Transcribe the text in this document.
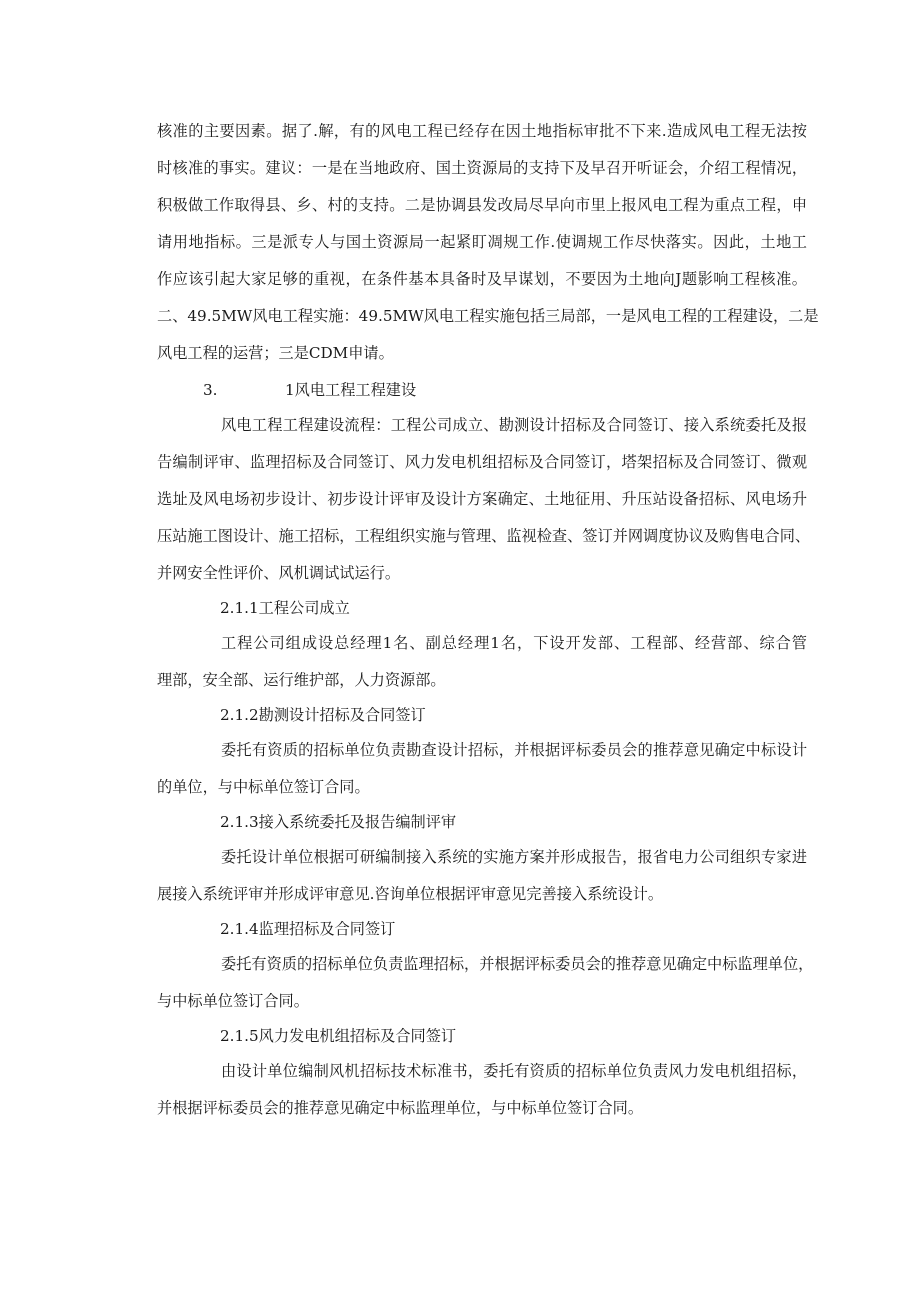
核准的主要因素。据了.解，有的风电工程已经存在因土地指标审批不下来.造成风电工程无法按
时核准的事实。建议：一是在当地政府、国土资源局的支持下及早召开听证会，介绍工程情况，
积极做工作取得县、乡、村的支持。二是协调县发改局尽早向市里上报风电工程为重点工程，申
请用地指标。三是派专人与国土资源局一起紧盯凋规工作.使调规工作尽快落实。因此，土地工
作应该引起大家足够的重视，在条件基本具备时及早谋划，不要因为土地向J题影响工程核准。
二、49.5MW风电工程实施：49.5MW风电工程实施包括三局部，一是风电工程的工程建设，二是
风电工程的运营；三是CDM申请。
3.	1风电工程工程建设
风电工程工程建设流程：工程公司成立、勘测设计招标及合同签订、接入系统委托及报
告编制评审、监理招标及合同签订、风力发电机组招标及合同签订，塔架招标及合同签订、微观
选址及风电场初步设计、初步设计评审及设计方案确定、土地征用、升压站设备招标、风电场升
压站施工图设计、施工招标，工程组织实施与管理、监视检查、签订并网调度协议及购售电合同、
并网安全性评价、风机调试试运行。
2.1.1工程公司成立
工程公司组成设总经理1名、副总经理1名，下设开发部、工程部、经营部、综合管
理部，安全部、运行维护部，人力资源部。
2.1.2勘测设计招标及合同签订
委托有资质的招标单位负责勘查设计招标，并根据评标委员会的推荐意见确定中标设计
的单位，与中标单位签订合同。
2.1.3接入系统委托及报告编制评审
委托设计单位根据可研编制接入系统的实施方案并形成报告，报省电力公司组织专家进
展接入系统评审并形成评审意见.咨询单位根据评审意见完善接入系统设计。
2.1.4监理招标及合同签订
委托有资质的招标单位负责监理招标，并根据评标委员会的推荐意见确定中标监理单位，
与中标单位签订合同。
2.1.5风力发电机组招标及合同签订
由设计单位编制风机招标技术标准书，委托有资质的招标单位负责风力发电机组招标，
并根据评标委员会的推荐意见确定中标监理单位，与中标单位签订合同。
